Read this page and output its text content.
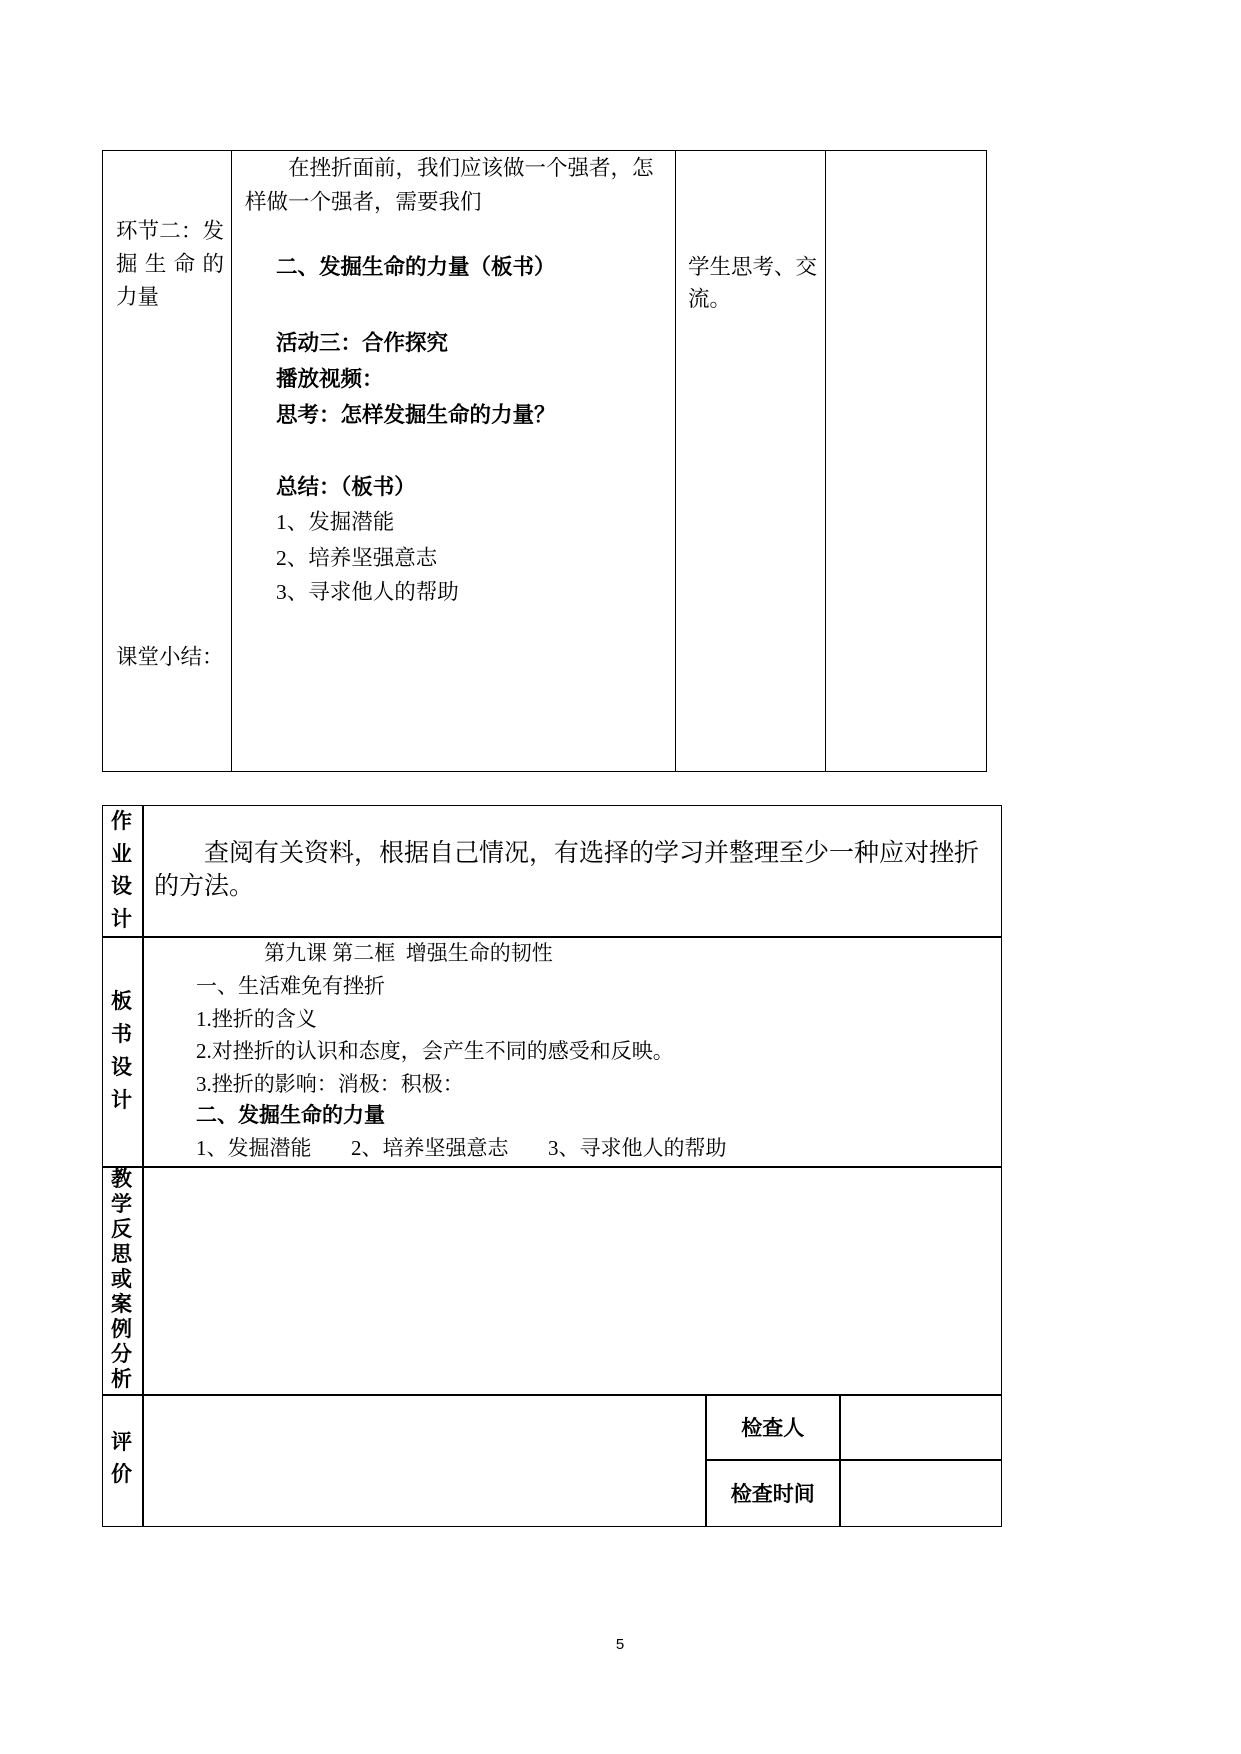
环节二：发
掘生命的
力量
课堂小结：
在挫折面前，我们应该做一个强者，怎样做一个强者，需要我们
二、发掘生命的力量（板书）
活动三：合作探究
播放视频：
思考：怎样发掘生命的力量？
总结：（板书）
1、发掘潜能
2、培养坚强意志
3、寻求他人的帮助
学生思考、交流。
作业设计
查阅有关资料，根据自己情况，有选择的学习并整理至少一种应对挫折的方法。
板书设计
第九课 第二框  增强生命的韧性
一、生活难免有挫折
1.挫折的含义
2.对挫折的认识和态度，会产生不同的感受和反映。
3.挫折的影响：消极：积极：
二、发掘生命的力量
1、发掘潜能 2、培养坚强意志 3、寻求他人的帮助
教学反思或案例分析
评价
检查人
检查时间
5
